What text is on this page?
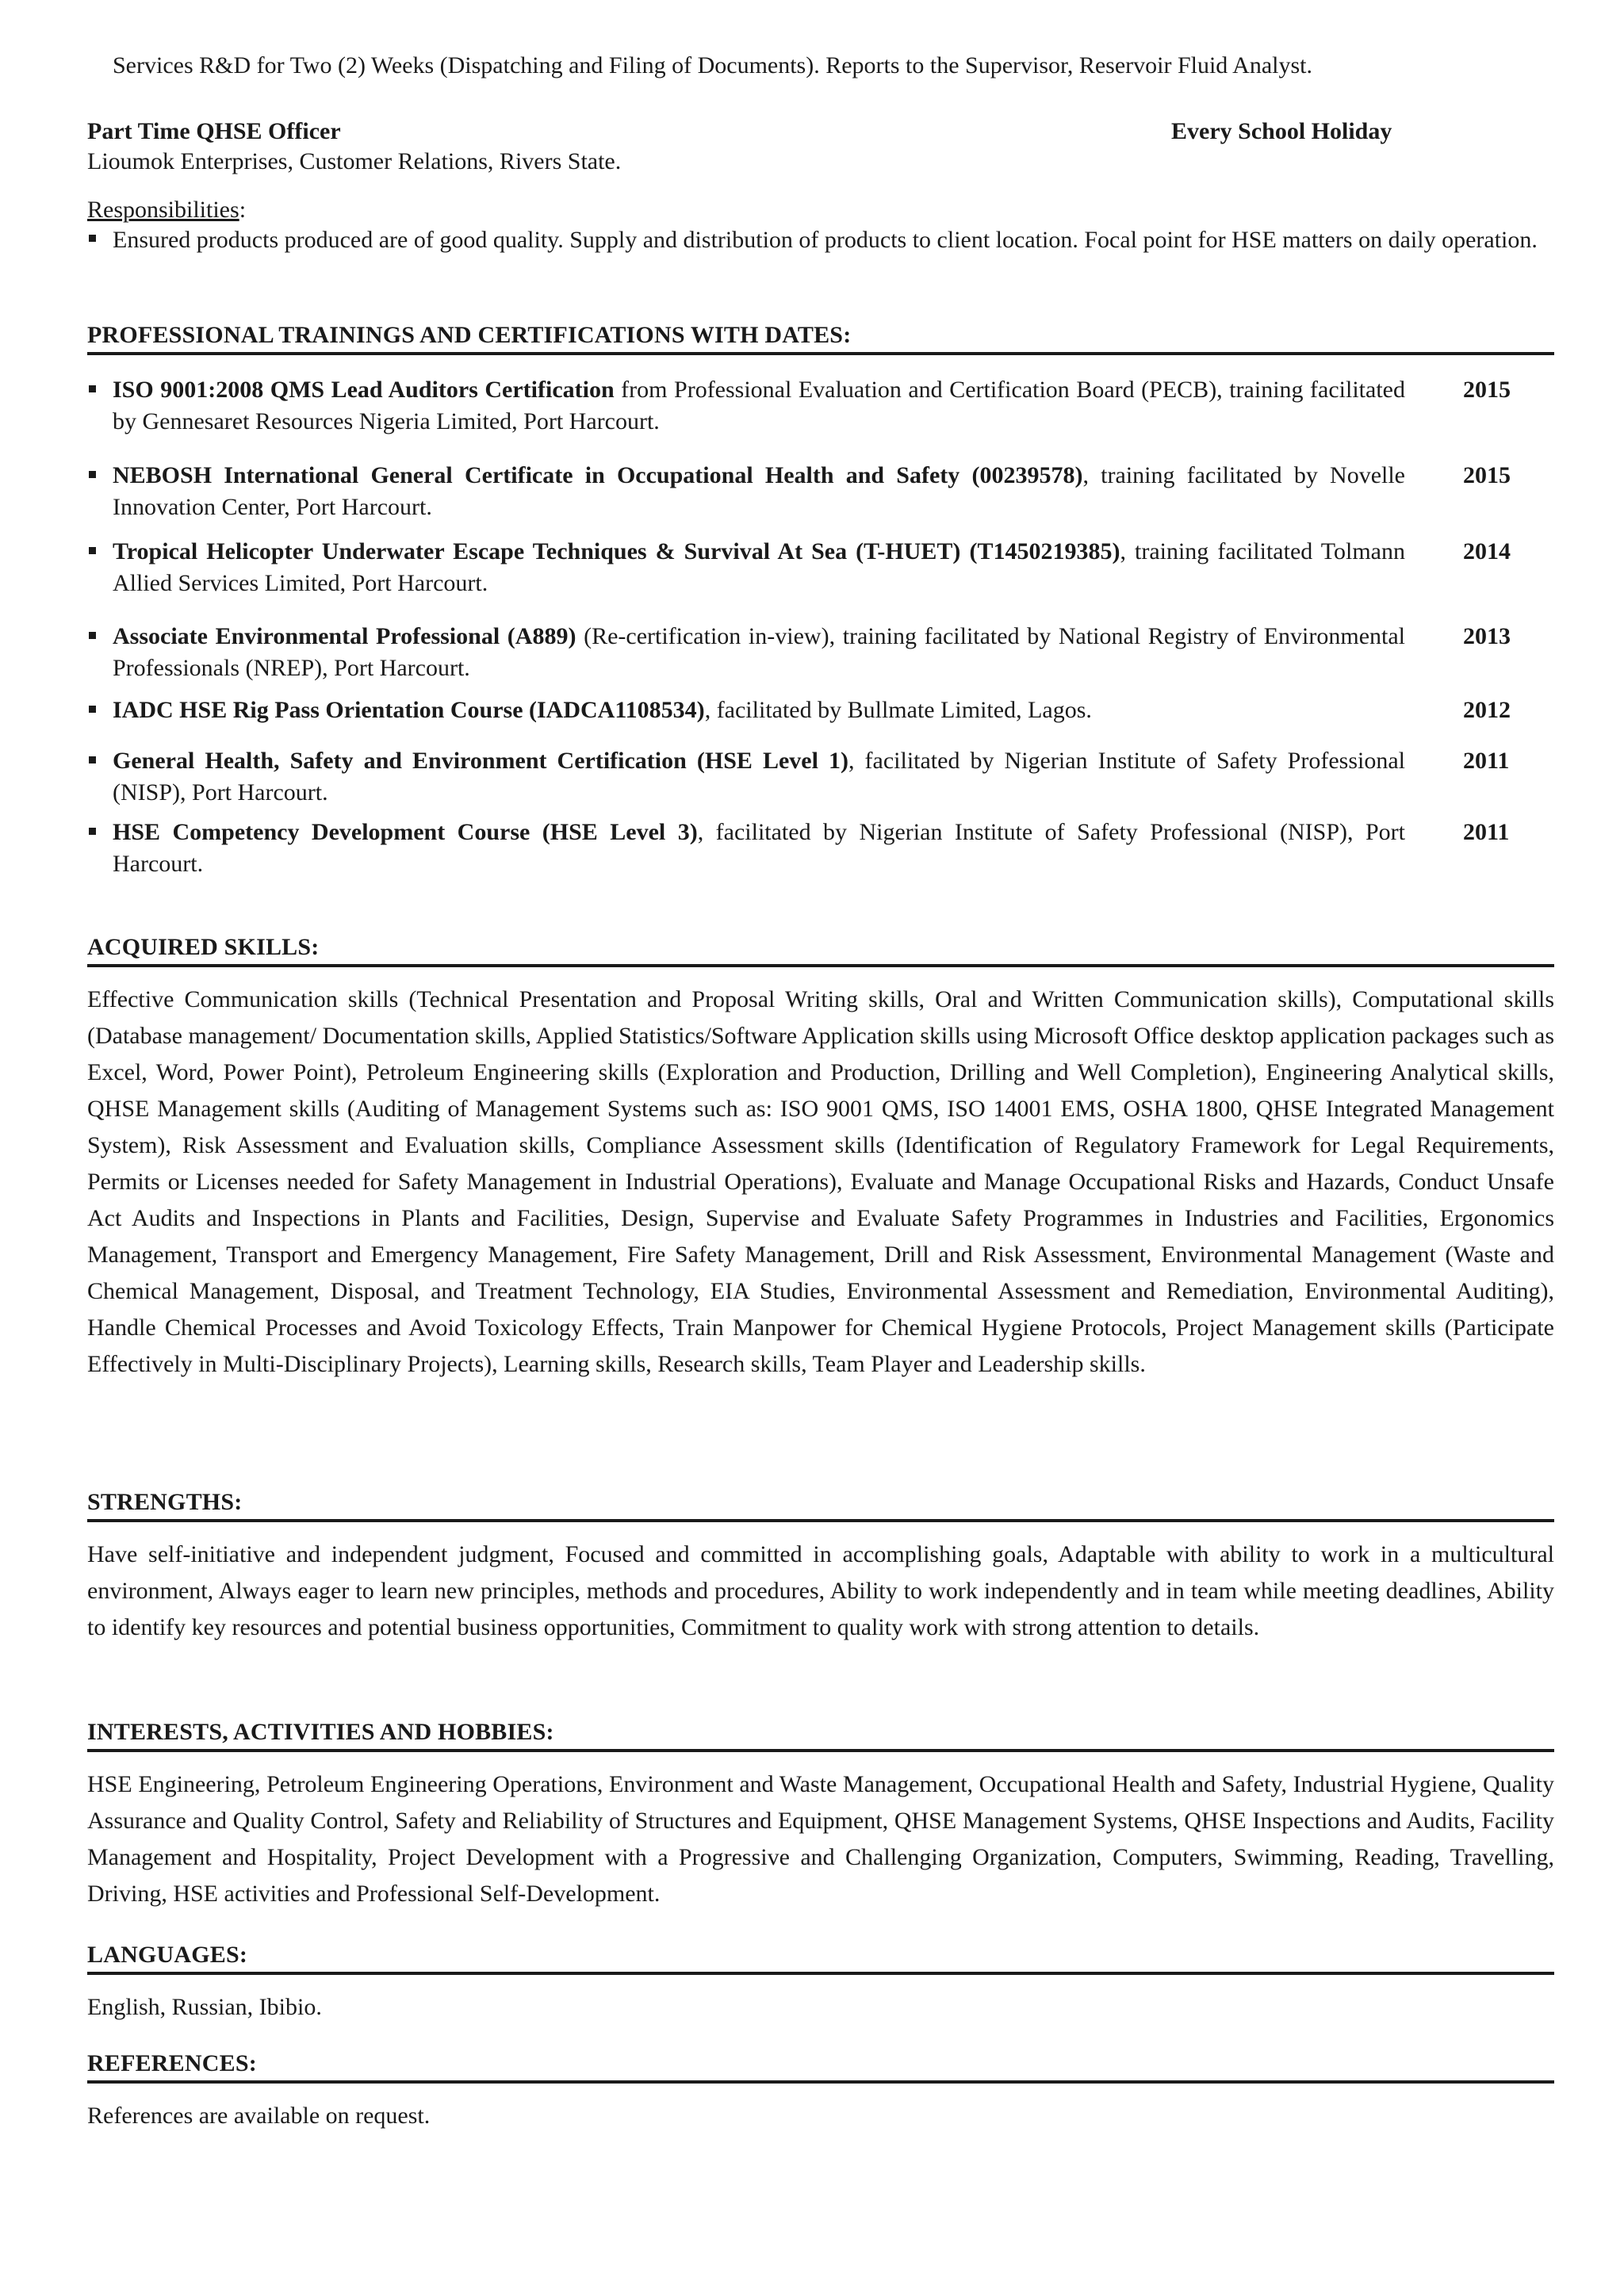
Services R&D for Two (2) Weeks (Dispatching and Filing of Documents). Reports to the Supervisor, Reservoir Fluid Analyst.
Part Time QHSE Officer	Every School Holiday
Lioumok Enterprises, Customer Relations, Rivers State.
Responsibilities:
Ensured products produced are of good quality. Supply and distribution of products to client location. Focal point for HSE matters on daily operation.
PROFESSIONAL TRAININGS AND CERTIFICATIONS WITH DATES:
ISO 9001:2008 QMS Lead Auditors Certification from Professional Evaluation and Certification Board (PECB), training facilitated by Gennesaret Resources Nigeria Limited, Port Harcourt.
2015
NEBOSH International General Certificate in Occupational Health and Safety (00239578), training facilitated by Novelle Innovation Center, Port Harcourt.
2015
Tropical Helicopter Underwater Escape Techniques & Survival At Sea (T-HUET) (T1450219385), training facilitated Tolmann Allied Services Limited, Port Harcourt.
2014
Associate Environmental Professional (A889) (Re-certification in-view), training facilitated by National Registry of Environmental Professionals (NREP), Port Harcourt.
2013
IADC HSE Rig Pass Orientation Course (IADCA1108534), facilitated by Bullmate Limited, Lagos.	2012
General Health, Safety and Environment Certification (HSE Level 1), facilitated by Nigerian Institute of Safety Professional (NISP), Port Harcourt.
2011
HSE Competency Development Course (HSE Level 3), facilitated by Nigerian Institute of Safety Professional (NISP), Port Harcourt.
2011
ACQUIRED SKILLS:
Effective Communication skills (Technical Presentation and Proposal Writing skills, Oral and Written Communication skills), Computational skills (Database management/ Documentation skills, Applied Statistics/Software Application skills using Microsoft Office desktop application packages such as Excel, Word, Power Point), Petroleum Engineering skills (Exploration and Production, Drilling and Well Completion), Engineering Analytical skills, QHSE Management skills (Auditing of Management Systems such as: ISO 9001 QMS, ISO 14001 EMS, OSHA 1800, QHSE Integrated Management System), Risk Assessment and Evaluation skills, Compliance Assessment skills (Identification of Regulatory Framework for Legal Requirements, Permits or Licenses needed for Safety Management in Industrial Operations), Evaluate and Manage Occupational Risks and Hazards, Conduct Unsafe Act Audits and Inspections in Plants and Facilities, Design, Supervise and Evaluate Safety Programmes in Industries and Facilities, Ergonomics Management, Transport and Emergency Management, Fire Safety Management, Drill and Risk Assessment, Environmental Management (Waste and Chemical Management, Disposal, and Treatment Technology, EIA Studies, Environmental Assessment and Remediation, Environmental Auditing), Handle Chemical Processes and Avoid Toxicology Effects, Train Manpower for Chemical Hygiene Protocols, Project Management skills (Participate Effectively in Multi-Disciplinary Projects), Learning skills, Research skills, Team Player and Leadership skills.
STRENGTHS:
Have self-initiative and independent judgment, Focused and committed in accomplishing goals, Adaptable with ability to work in a multicultural environment, Always eager to learn new principles, methods and procedures, Ability to work independently and in team while meeting deadlines, Ability to identify key resources and potential business opportunities, Commitment to quality work with strong attention to details.
INTERESTS, ACTIVITIES AND HOBBIES:
HSE Engineering, Petroleum Engineering Operations, Environment and Waste Management, Occupational Health and Safety, Industrial Hygiene, Quality Assurance and Quality Control, Safety and Reliability of Structures and Equipment, QHSE Management Systems, QHSE Inspections and Audits, Facility Management and Hospitality, Project Development with a Progressive and Challenging Organization, Computers, Swimming, Reading, Travelling, Driving, HSE activities and Professional Self-Development.
LANGUAGES:
English, Russian, Ibibio.
REFERENCES:
References are available on request.
